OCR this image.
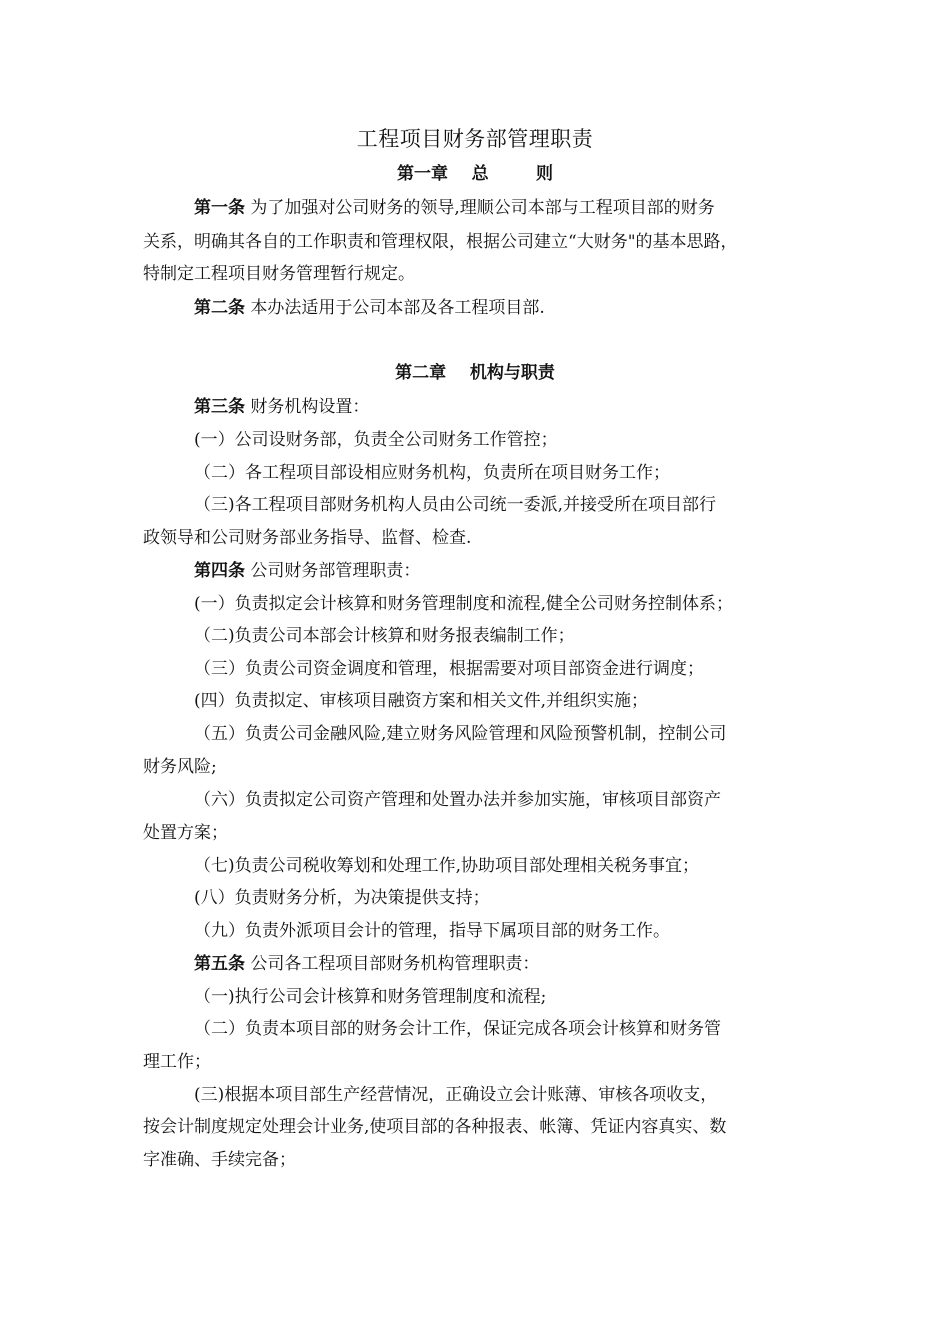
工程项目财务部管理职责
第一章    总        则
第一条 为了加强对公司财务的领导,理顺公司本部与工程项目部的财务
关系，明确其各自的工作职责和管理权限，根据公司建立“大财务"的基本思路，
特制定工程项目财务管理暂行规定。
第二条 本办法适用于公司本部及各工程项目部.
第二章    机构与职责
第三条 财务机构设置：
(一）公司设财务部，负责全公司财务工作管控；
（二）各工程项目部设相应财务机构，负责所在项目财务工作；
（三)各工程项目部财务机构人员由公司统一委派,并接受所在项目部行
政领导和公司财务部业务指导、监督、检查.
第四条 公司财务部管理职责：
(一）负责拟定会计核算和财务管理制度和流程,健全公司财务控制体系；
（二)负责公司本部会计核算和财务报表编制工作；
（三）负责公司资金调度和管理，根据需要对项目部资金进行调度；
(四）负责拟定、审核项目融资方案和相关文件,并组织实施；
（五）负责公司金融风险,建立财务风险管理和风险预警机制，控制公司
财务风险;
（六）负责拟定公司资产管理和处置办法并参加实施，审核项目部资产
处置方案；
（七)负责公司税收筹划和处理工作,协助项目部处理相关税务事宜；
(八）负责财务分析，为决策提供支持；
（九）负责外派项目会计的管理，指导下属项目部的财务工作。
第五条 公司各工程项目部财务机构管理职责：
（一)执行公司会计核算和财务管理制度和流程;
（二）负责本项目部的财务会计工作，保证完成各项会计核算和财务管
理工作；
(三)根据本项目部生产经营情况，正确设立会计账薄、审核各项收支，
按会计制度规定处理会计业务,使项目部的各种报表、帐簿、凭证内容真实、数
字准确、手续完备；
